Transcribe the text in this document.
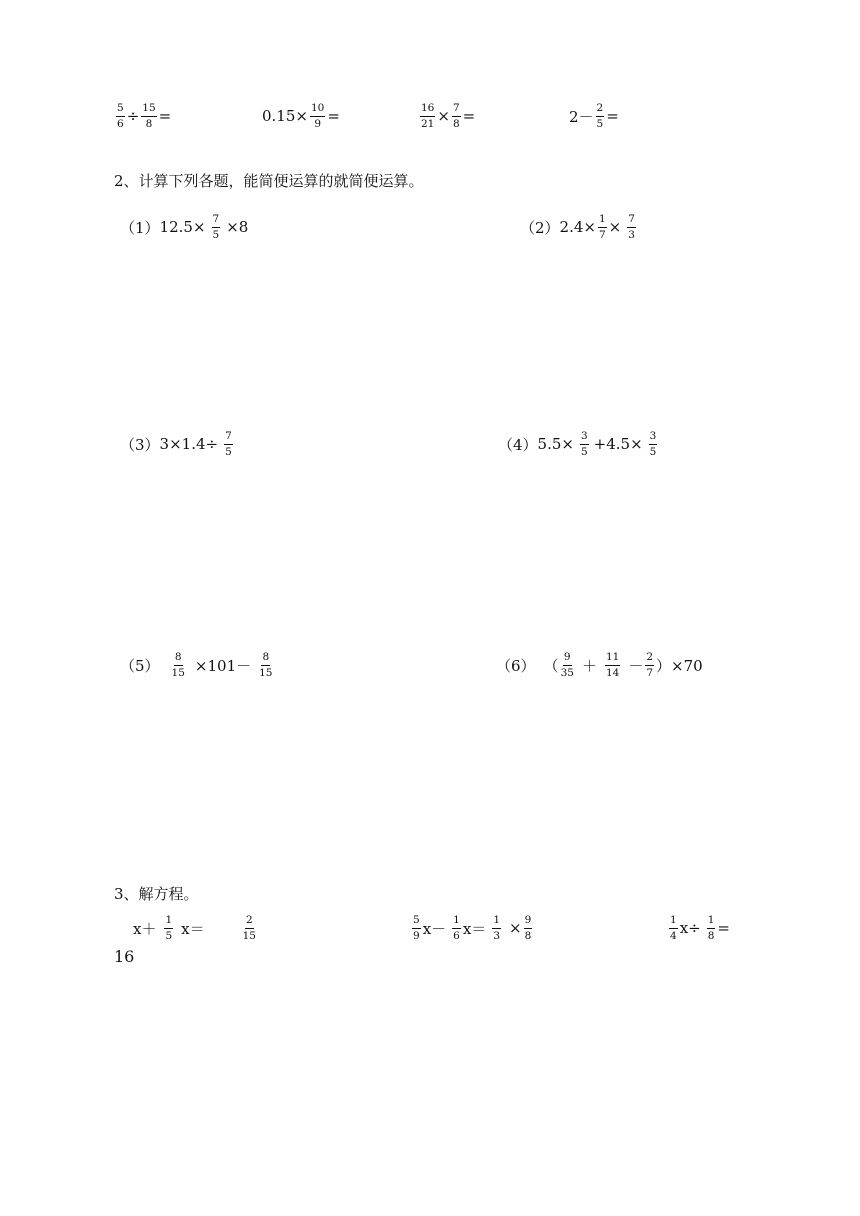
$\frac{5}{6} \div \frac{15}{8}$ =	$0.15\times \frac{10}{9}$ =	$\frac{16}{21} \times \frac{7}{8}$ =	$2- \frac{2}{5}$ =
2、计算下列各题，能简便运算的就简便运算。
（1） $12.5\times \frac{7}{5} \times 8$	（2） $2.4\times \frac{1}{7} \times \frac{7}{3}$
（3） $3\times 1.4\div \frac{7}{5}$	（4） $5.5\times \frac{3}{5} +4.5\times \frac{3}{5}$
$(5) \frac{8}{15} \times 101- \frac{8}{15}$	（6） （ $\frac{9}{35} + \frac{11}{14} - \frac{2}{7} )\times 70$
3、解方程。
$x+ \frac{1}{5} x=$	$\frac{2}{15}$	$\frac{5}{9} x- \frac{1}{6} x= \frac{1}{3} \times \frac{9}{8}$	$\frac{1}{4} x\div \frac{1}{8}$ =
16
